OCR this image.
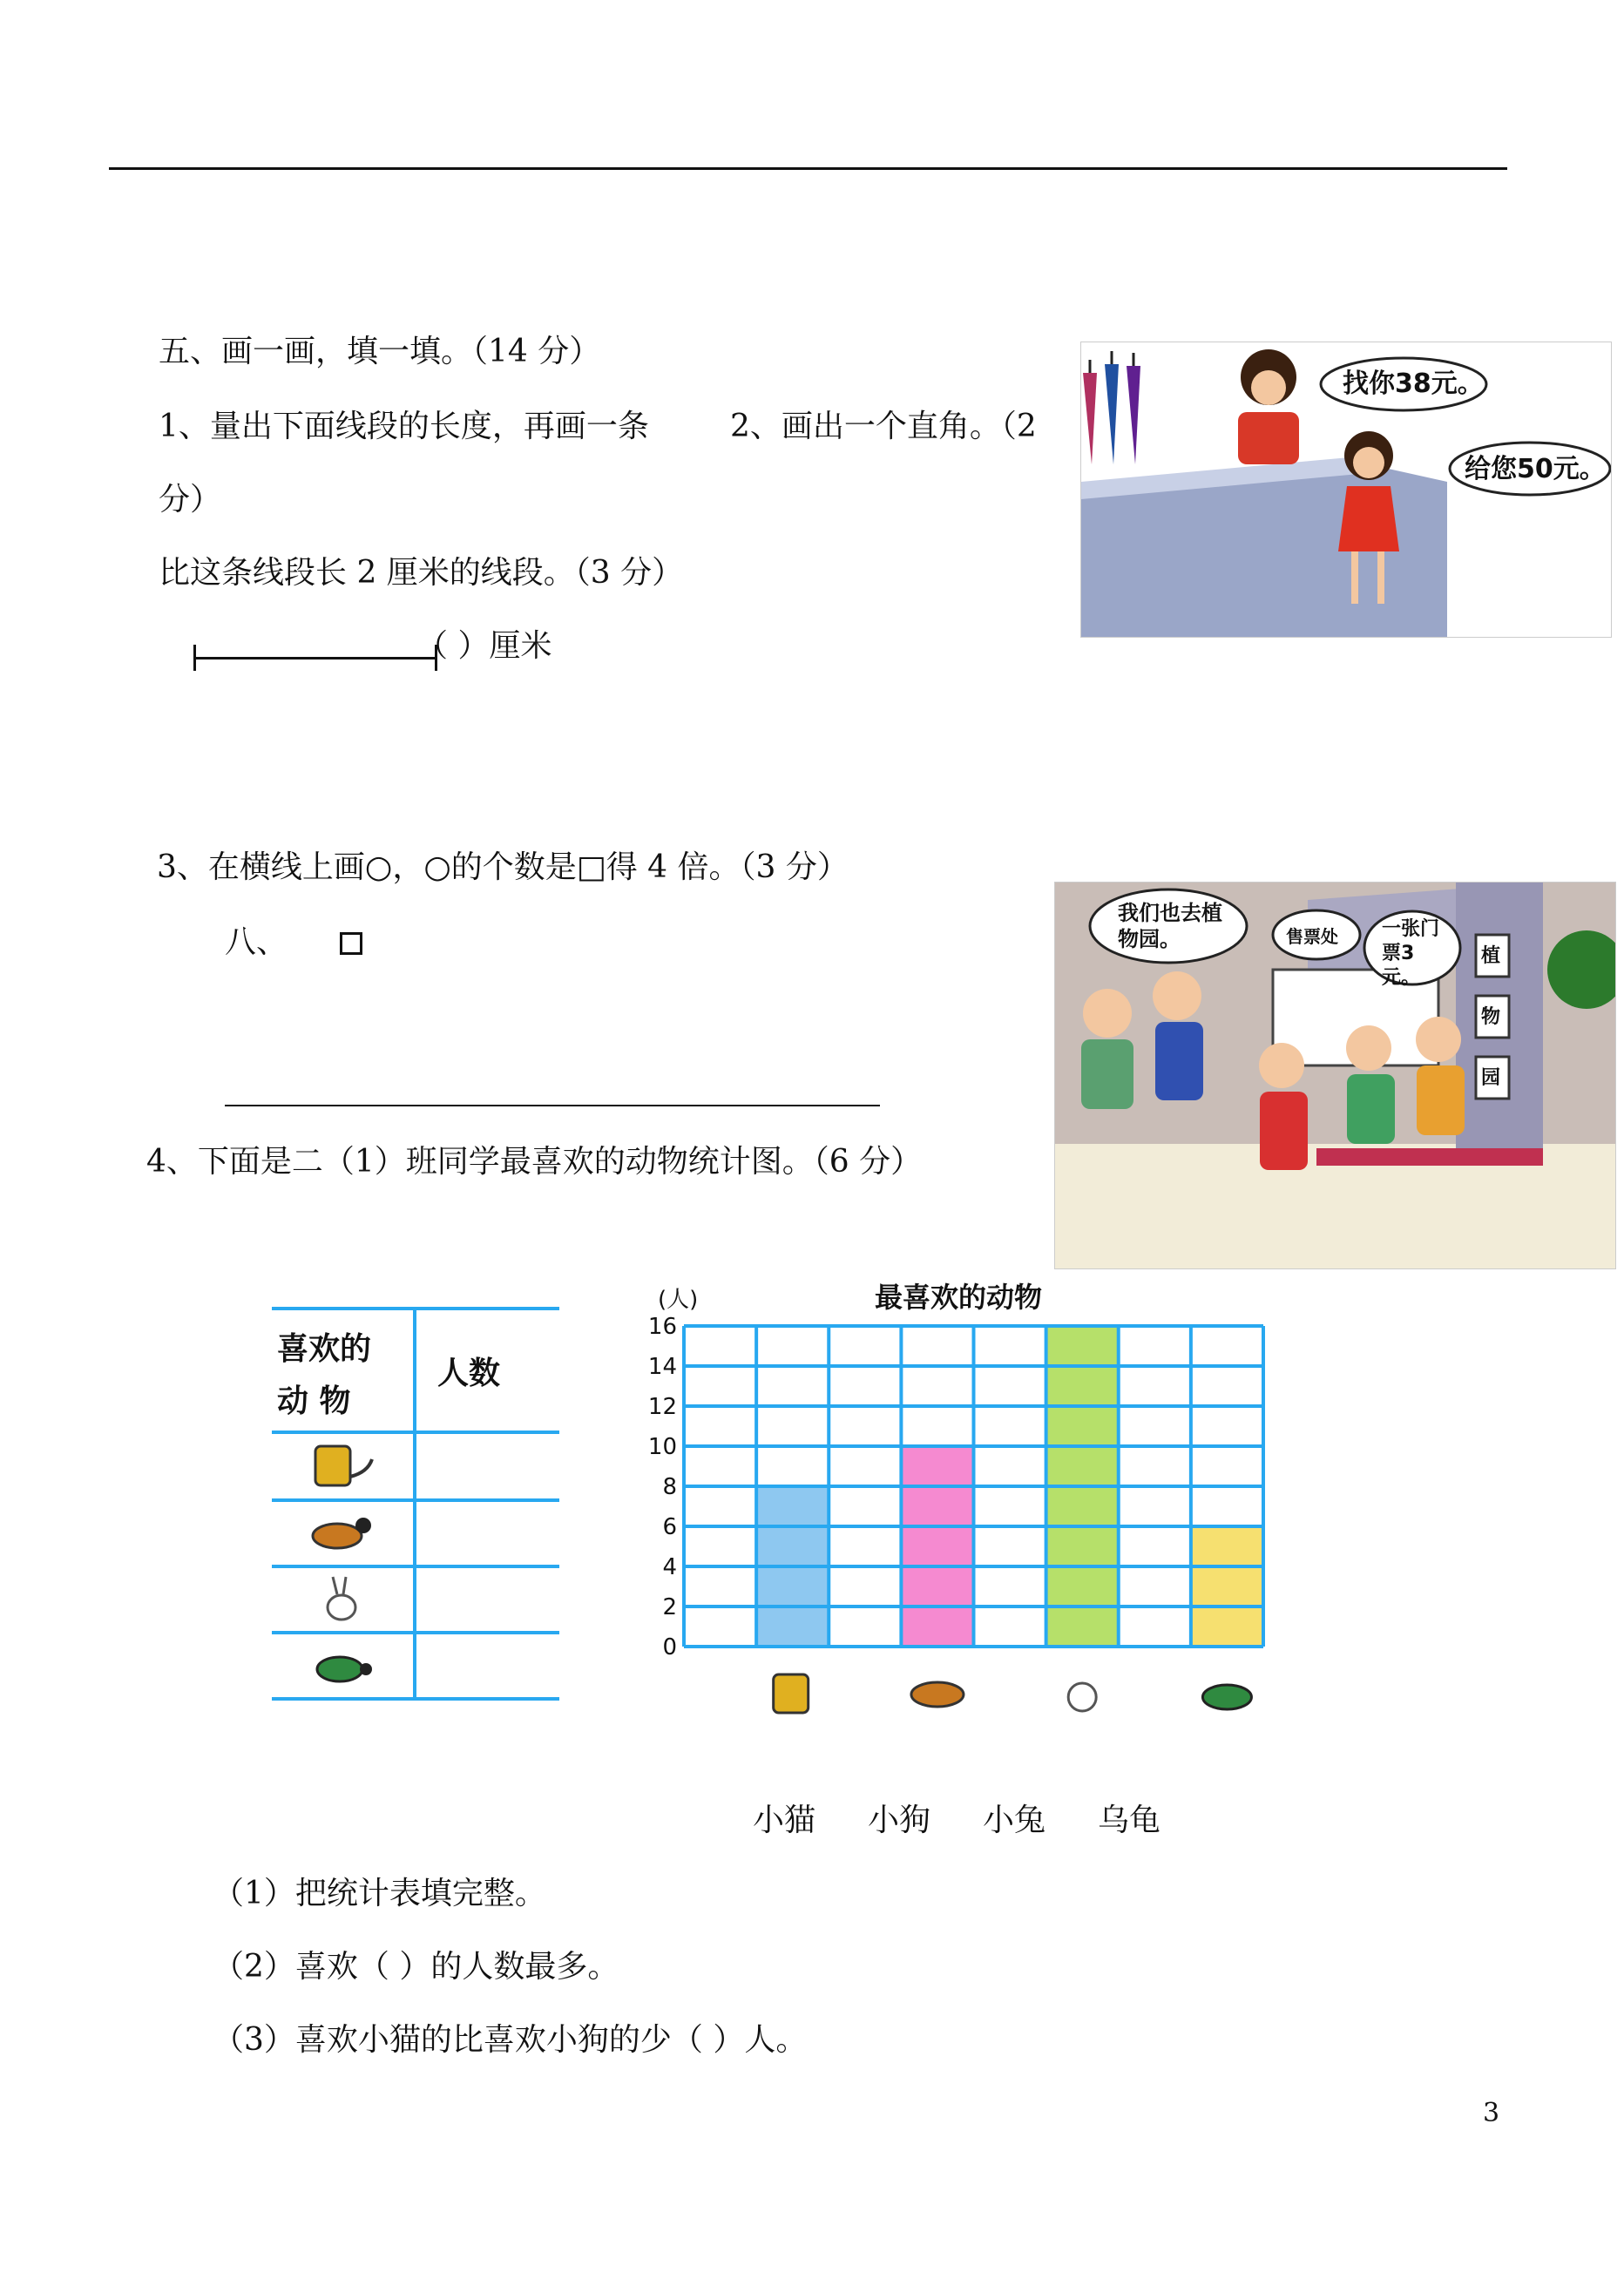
五、画一画，填一填。（14 分）
1、量出下面线段的长度，再画一条	2、画出一个直角。（2
分）
比这条线段长 2 厘米的线段。（3 分）
（ ）厘米
找你38元。
给您50元。
3、在横线上画○，○的个数是□得 4 倍。（3 分）
八、
我们也去植物园。	售票处 一张门票3元。
植
物
园
4、下面是二（1）班同学最喜欢的动物统计图。（6 分）
喜欢的
动 物
人数
最喜欢的动物
(人)
0
2
4
6
8
10
12
14
16
小猫 小狗 小兔 乌龟
（1）把统计表填完整。
（2）喜欢（ ）的人数最多。
（3）喜欢小猫的比喜欢小狗的少（ ）人。
3
